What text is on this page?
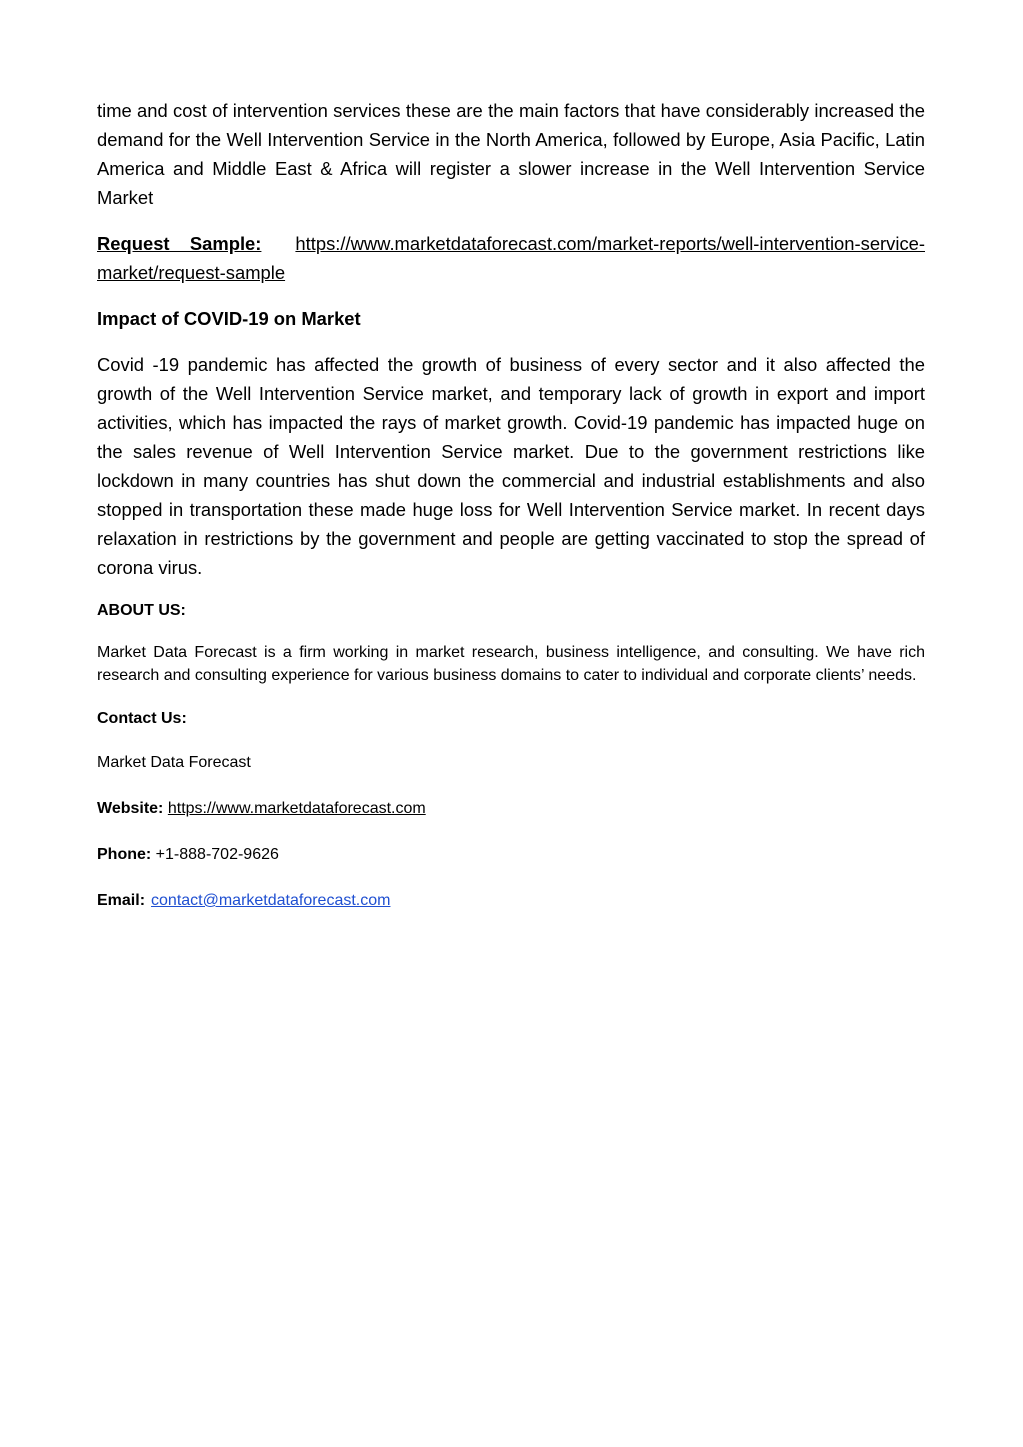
time and cost of intervention services these are the main factors that have considerably increased the demand for the Well Intervention Service in the North America, followed by Europe, Asia Pacific, Latin America and Middle East & Africa will register a slower increase in the Well Intervention Service Market

Request Sample: https://www.marketdataforecast.com/market-reports/well-intervention-service-market/request-sample

Impact of COVID-19 on Market

Covid -19 pandemic has affected the growth of business of every sector and it also affected the growth of the Well Intervention Service market, and temporary lack of growth in export and import activities, which has impacted the rays of market growth. Covid-19 pandemic has impacted huge on the sales revenue of Well Intervention Service market. Due to the government restrictions like lockdown in many countries has shut down the commercial and industrial establishments and also stopped in transportation these made huge loss for Well Intervention Service market. In recent days relaxation in restrictions by the government and people are getting vaccinated to stop the spread of corona virus.

ABOUT US:

Market Data Forecast is a firm working in market research, business intelligence, and consulting. We have rich research and consulting experience for various business domains to cater to individual and corporate clients’ needs.

Contact Us:

Market Data Forecast

Website: https://www.marketdataforecast.com

Phone: +1-888-702-9626

Email: contact@marketdataforecast.com
